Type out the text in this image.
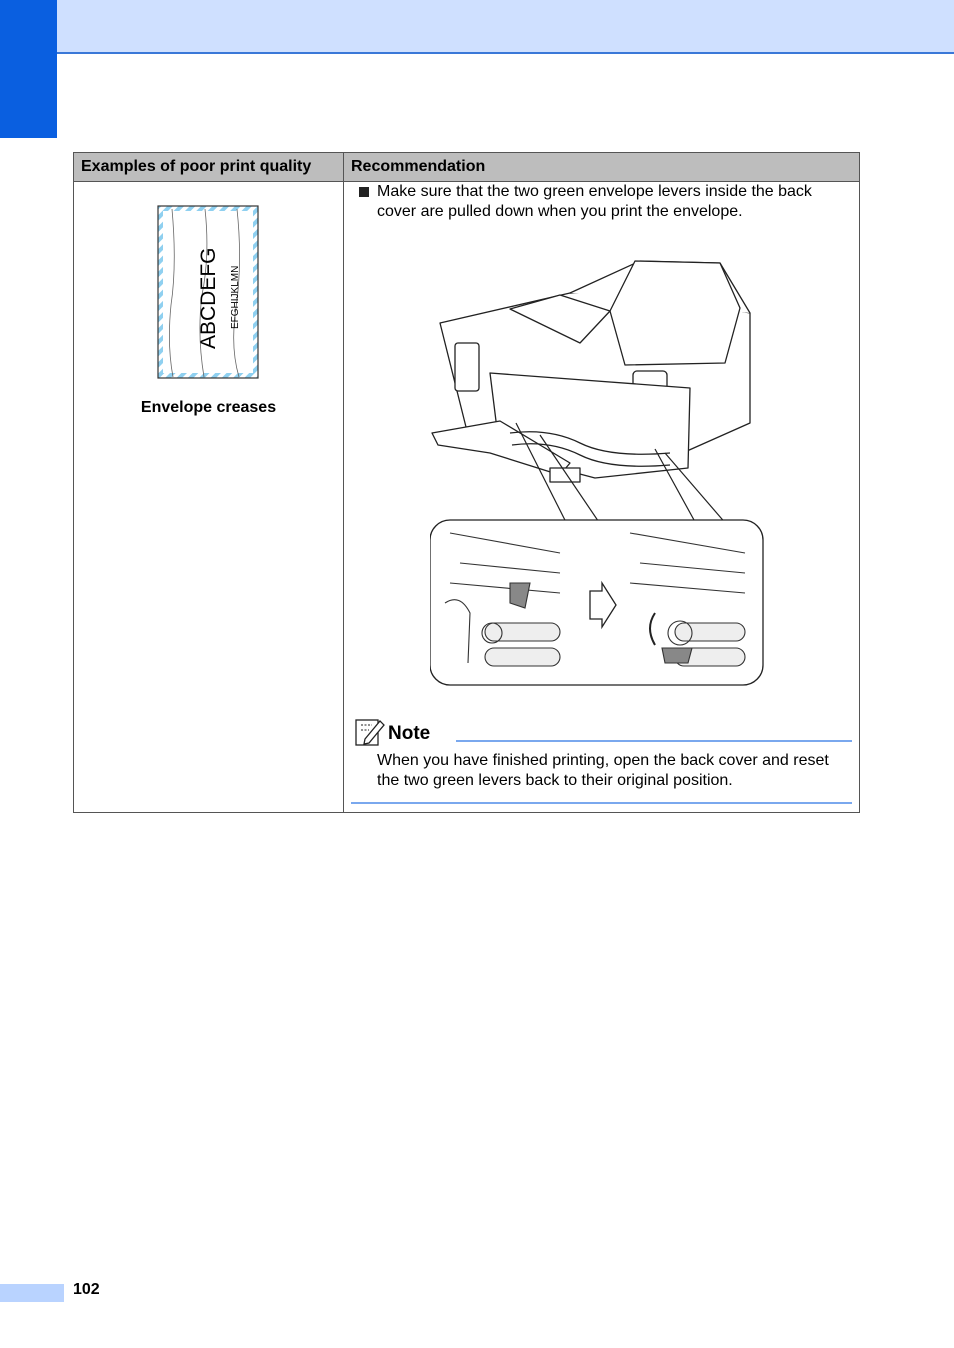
Examples of poor print quality Recommendation
ABCDEFG EFGHIJKLMN
Envelope creases
Make sure that the two green envelope levers inside the back cover are pulled down when you print the envelope.
Note
When you have finished printing, open the back cover and reset the two green levers back to their original position.
102
